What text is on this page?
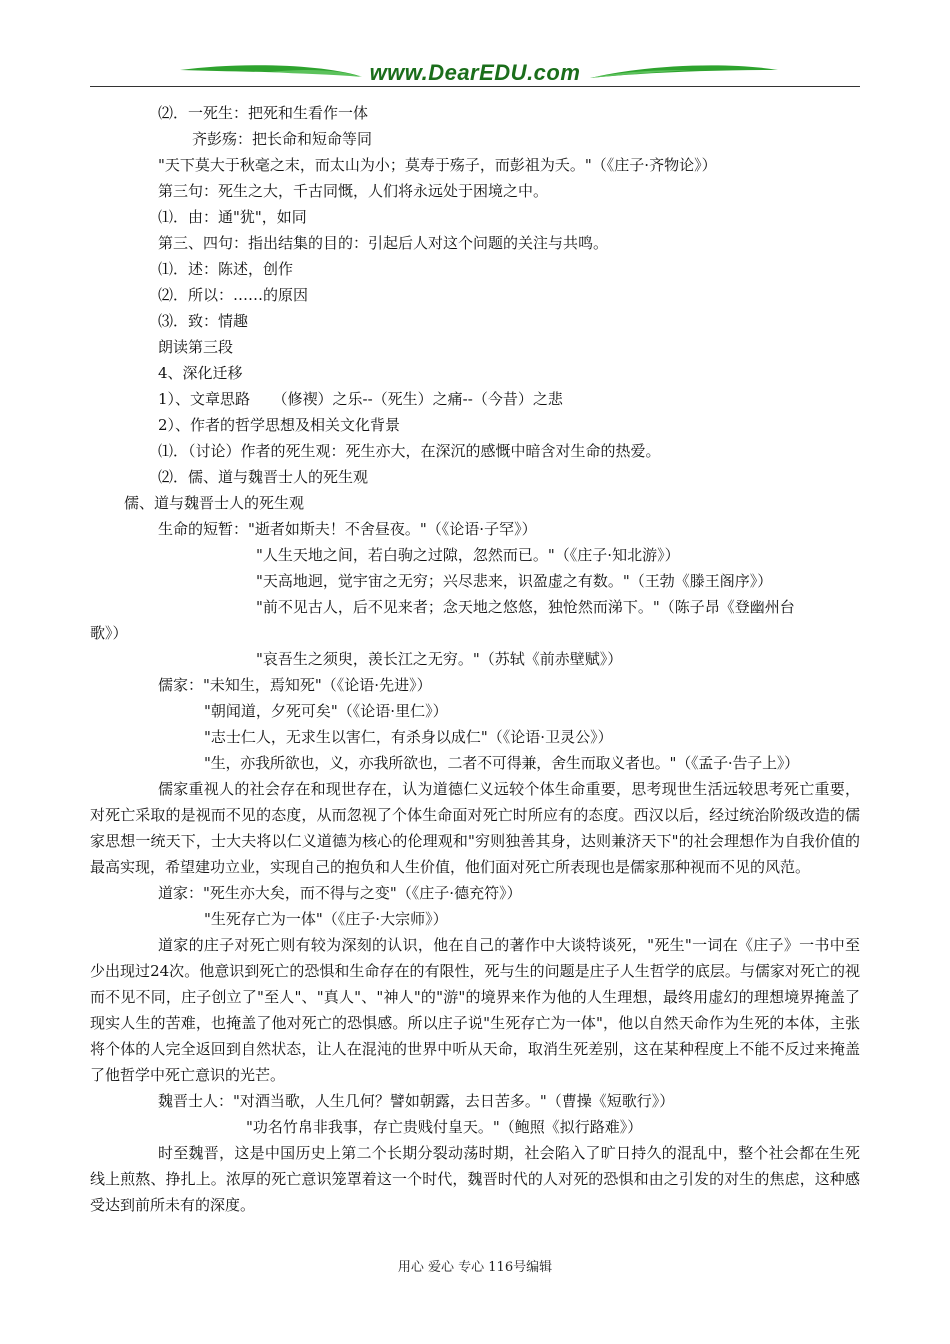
www.DearEDU.com
⑵．一死生：把死和生看作一体
齐彭殇：把长命和短命等同
"天下莫大于秋毫之末，而太山为小；莫寿于殇子，而彭祖为夭。"（《庄子·齐物论》）
第三句：死生之大，千古同慨，人们将永远处于困境之中。
⑴．由：通"犹"，如同
第三、四句：指出结集的目的：引起后人对这个问题的关注与共鸣。
⑴．述：陈述，创作
⑵．所以：……的原因
⑶．致：情趣
朗读第三段
4、深化迁移
1）、文章思路　　（修禊）之乐--（死生）之痛--（今昔）之悲
2）、作者的哲学思想及相关文化背景
⑴．（讨论）作者的死生观：死生亦大，在深沉的感慨中暗含对生命的热爱。
⑵．儒、道与魏晋士人的死生观
儒、道与魏晋士人的死生观
生命的短暂："逝者如斯夫！不舍昼夜。"（《论语·子罕》）
"人生天地之间，若白驹之过隙，忽然而已。"（《庄子·知北游》）
"天高地迥，觉宇宙之无穷；兴尽悲来，识盈虚之有数。"（王勃《滕王阁序》）
"前不见古人，后不见来者；念天地之悠悠，独怆然而涕下。"（陈子昂《登幽州台
歌》）
"哀吾生之须臾，羡长江之无穷。"（苏轼《前赤壁赋》）
儒家："未知生，焉知死"（《论语·先进》）
"朝闻道，夕死可矣"（《论语·里仁》）
"志士仁人，无求生以害仁，有杀身以成仁"（《论语·卫灵公》）
"生，亦我所欲也，义，亦我所欲也，二者不可得兼，舍生而取义者也。"（《孟子·告子上》）
儒家重视人的社会存在和现世存在，认为道德仁义远较个体生命重要，思考现世生活远较思考死亡重要，对死亡采取的是视而不见的态度，从而忽视了个体生命面对死亡时所应有的态度。西汉以后，经过统治阶级改造的儒家思想一统天下，士大夫将以仁义道德为核心的伦理观和"穷则独善其身，达则兼济天下"的社会理想作为自我价值的最高实现，希望建功立业，实现自己的抱负和人生价值，他们面对死亡所表现也是儒家那种视而不见的风范。
道家："死生亦大矣，而不得与之变"（《庄子·德充符》）
"生死存亡为一体"（《庄子·大宗师》）
道家的庄子对死亡则有较为深刻的认识，他在自己的著作中大谈特谈死，"死生"一词在《庄子》一书中至少出现过24次。他意识到死亡的恐惧和生命存在的有限性，死与生的问题是庄子人生哲学的底层。与儒家对死亡的视而不见不同，庄子创立了"至人"、"真人"、"神人"的"游"的境界来作为他的人生理想，最终用虚幻的理想境界掩盖了现实人生的苦难，也掩盖了他对死亡的恐惧感。所以庄子说"生死存亡为一体"，他以自然天命作为生死的本体，主张将个体的人完全返回到自然状态，让人在混沌的世界中听从天命，取消生死差别，这在某种程度上不能不反过来掩盖了他哲学中死亡意识的光芒。
魏晋士人："对酒当歌，人生几何？譬如朝露，去日苦多。"（曹操《短歌行》）
"功名竹帛非我事，存亡贵贱付皇天。"（鲍照《拟行路难》）
时至魏晋，这是中国历史上第二个长期分裂动荡时期，社会陷入了旷日持久的混乱中，整个社会都在生死线上煎熬、挣扎上。浓厚的死亡意识笼罩着这一个时代，魏晋时代的人对死的恐惧和由之引发的对生的焦虑，这种感受达到前所未有的深度。
用心 爱心 专心 116号编辑
